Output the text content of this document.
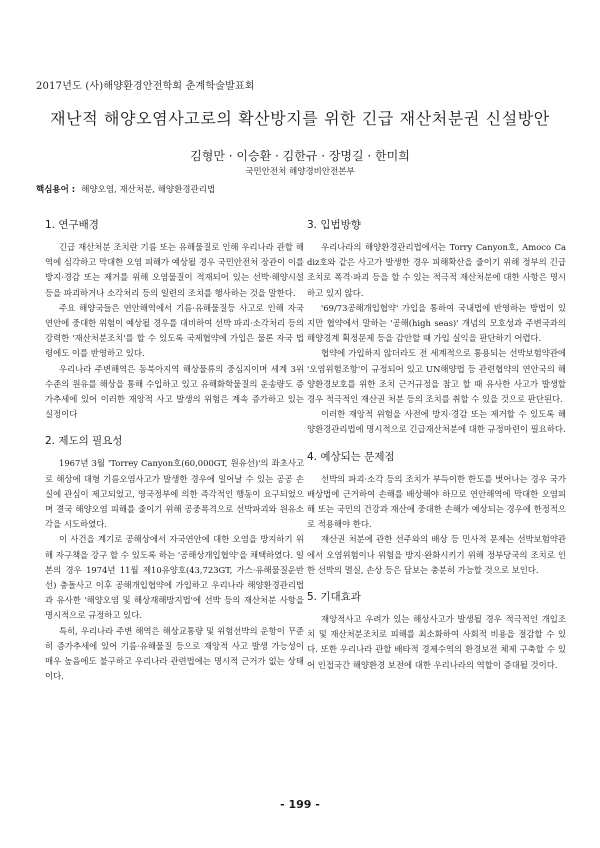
2017년도 (사)해양환경안전학회 춘계학술발표회
재난적 해양오염사고로의 확산방지를 위한 긴급 재산처분권 신설방안
김형만 · 이승환 · 김한규 · 장명길 · 한미희
국민안전처 해양경비안전본부
핵심용어 : 해양오염, 재산처분, 해양환경관리법
1. 연구배경

긴급 재산처분 조치란 기름 또는 유해물질로 인해 우리나라 관할 해역에 심각하고 막대한 오염 피해가 예상될 경우 국민안전처 장관이 이를 방지·경감 또는 제거를 위해 오염물질이 적재되어 있는 선박·해양시설 등을 파괴하거나 소각처리 등의 일련의 조치를 행사하는 것을 말한다.

주요 해양국들은 연안해역에서 기름·유해물질등 사고로 인해 자국연안에 중대한 위험이 예상될 경우를 대비하여 선박 파괴·소각처리 등의 강력한 '재산처분조치'를 할 수 있도록 국제협약에 가입은 물론 자국 법령에도 이를 반영하고 있다.

우리나라 주변해역은 동북아지역 해상물류의 중심지이며 세계 3위 수준의 원유를 해상을 통해 수입하고 있고 유해화학물질의 운송량도 증가추세에 있어 이러한 재앙적 사고 발생의 위험은 계속 증가하고 있는 실정이다

2. 제도의 필요성

1967년 3월 'Torrey Canyon호(60,000GT, 원유선)'의 좌초사고로 해상에 대형 기름오염사고가 발생한 경우에 일어날 수 있는 공공 손실에 관심이 제고되었고, 영국정부에 의한 즉각적인 행동이 요구되었으며 결국 해양오염 피해를 줄이기 위해 공중폭격으로 선박파괴와 원유소각을 시도하였다.

이 사건을 계기로 공해상에서 자국연안에 대한 오염을 방지하기 위해 자구책을 강구 할 수 있도록 하는 '공해상개입협약'을 채택하였다. 일본의 경우 1974년 11월 제10유양호(43,723GT, 가스·유해물질운반선) 충돌사고 이후 공해개입협약에 가입하고 우리나라 해양환경관리법과 유사한 '해양오염 및 해상재해방지법'에 선박 등의 재산처분 사항을 명시적으로 규정하고 있다.

특히, 우리나라 주변 해역은 해상교통량 및 위험선박의 운항이 꾸준히 증가추세에 있어 기름·유해물질 등으로 재앙적 사고 발생 가능성이 매우 높음에도 불구하고 우리나라 관련법에는 명시적 근거가 없는 상태이다.

3. 입법방향

우리나라의 해양환경관리법에서는 Torry Canyon호, Amoco Cadiz호와 같은 사고가 발생한 경우 피해확산을 줄이기 위해 정부의 긴급조치로 폭격·파괴 등을 할 수 있는 적극적 재산처분에 대한 사항은 명시하고 있지 않다.

'69/73공해개입협약' 가입을 통하여 국내법에 반영하는 방법이 있지만 협약에서 말하는 '공해(high seas)' 개념의 모호성과 주변국과의 해양경계 획정문제 등을 감안할 때 가입 실익을 판단하기 어렵다.

협약에 가입하지 않더라도 전 세계적으로 통용되는 선박보험약관에 '오염위험조항'이 규정되어 있고 UN해양법 등 관련협약의 연안국의 해양환경보호를 위한 조치 근거규정을 참고 할 때 유사한 사고가 발생할 경우 적극적인 재산권 처분 등의 조치를 취할 수 있을 것으로 판단된다.

이러한 재앙적 위험을 사전에 방지·경감 또는 제거할 수 있도록 해양환경관리법에 명시적으로 긴급재산처분에 대한 규정마련이 필요하다.

4. 예상되는 문제점

선박의 파괴·소각 등의 조치가 부득이한 한도를 벗어나는 경우 국가배상법에 근거하여 손해를 배상해야 하므로 연안해역에 막대한 오염피해 또는 국민의 건강과 재산에 중대한 손해가 예상되는 경우에 한정적으로 적용해야 한다.

재산권 처분에 관한 선주와의 배상 등 민사적 문제는 선박보험약관에서 오염위험이나 위험을 방지·완화시키기 위해 정부당국의 조치로 인한 선박의 멸실, 손상 등은 담보는 충분히 가능할 것으로 보인다.

5. 기대효과

재앙적사고 우려가 있는 해상사고가 발생될 경우 적극적인 개입조치 및 재산처분조치로 피해를 최소화하여 사회적 비용을 절감할 수 있다. 또한 우리나라 관할 배타적 경제수역의 환경보전 체제 구축할 수 있어 인접국간 해양환경 보전에 대한 우리나라의 역할이 증대될 것이다.

- 199 -
